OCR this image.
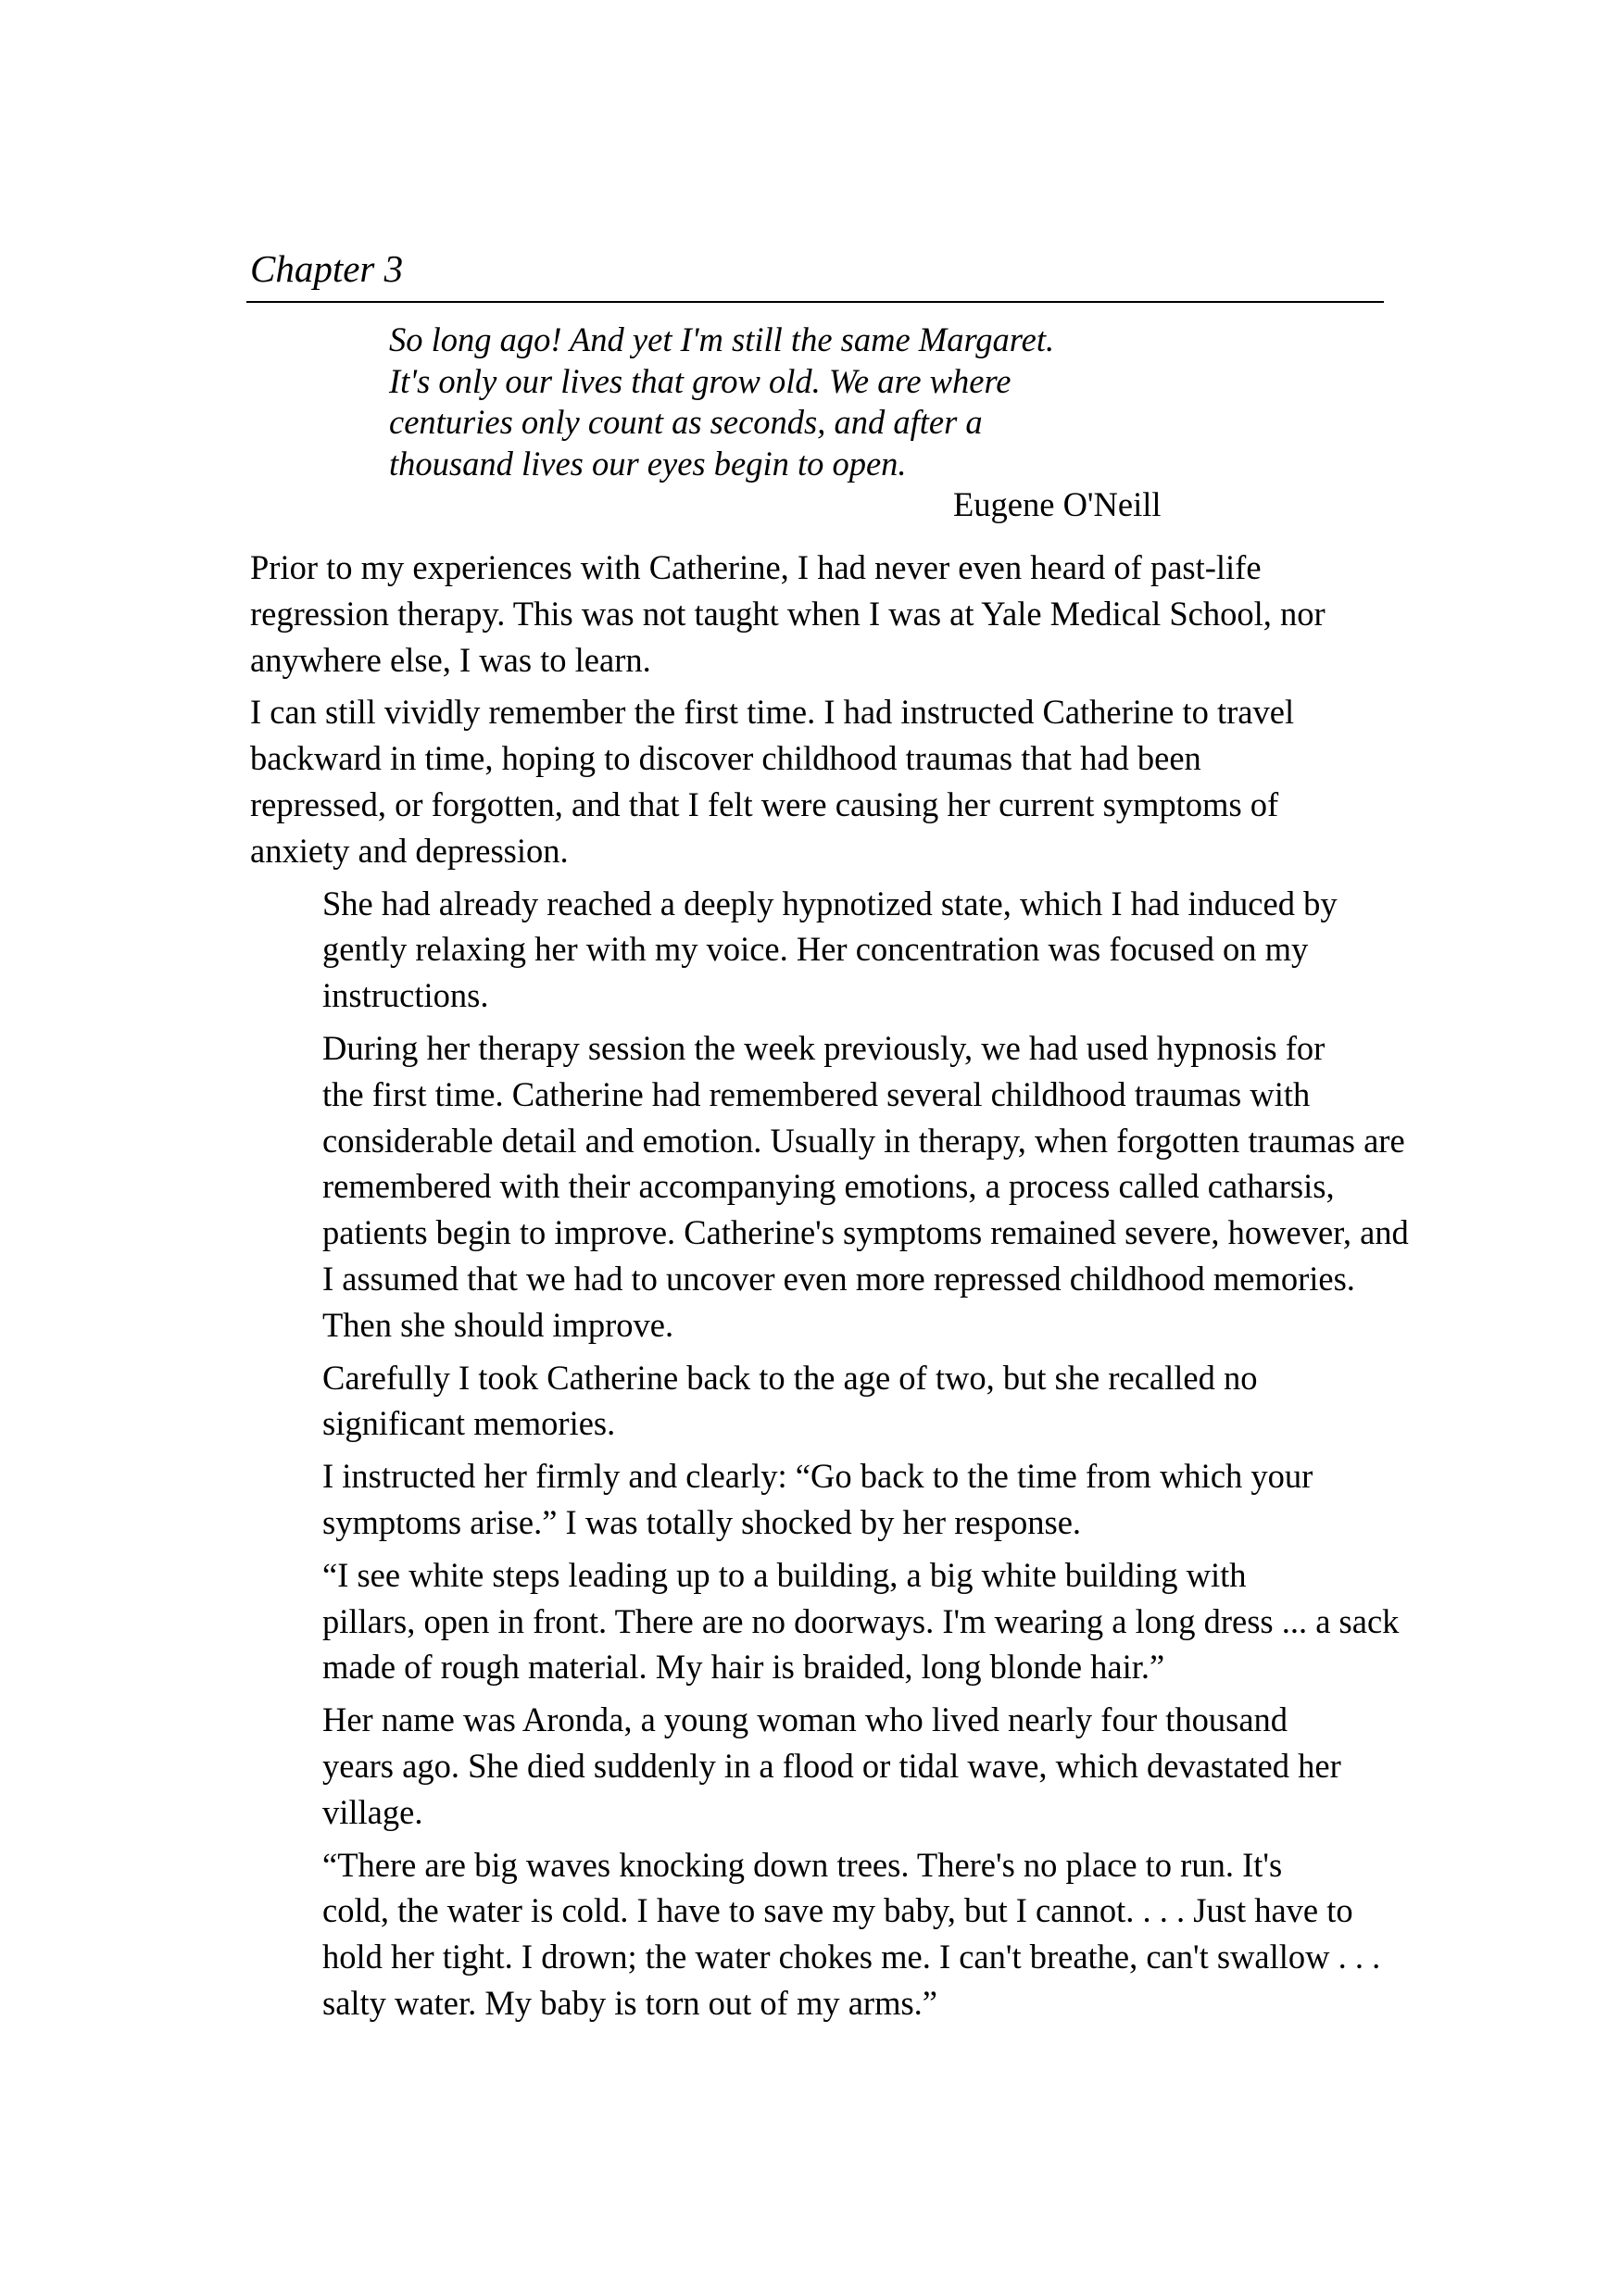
Chapter 3
So long ago! And yet I'm still the same Margaret.
It's only our lives that grow old. We are where
centuries only count as seconds, and after a
thousand lives our eyes begin to open.
Eugene O'Neill

Prior to my experiences with Catherine, I had never even heard of past-life
regression therapy. This was not taught when I was at Yale Medical School, nor
anywhere else, I was to learn.

I can still vividly remember the first time. I had instructed Catherine to travel
backward in time, hoping to discover childhood traumas that had been
repressed, or forgotten, and that I felt were causing her current symptoms of
anxiety and depression.

She had already reached a deeply hypnotized state, which I had induced by
gently relaxing her with my voice. Her concentration was focused on my
instructions.

During her therapy session the week previously, we had used hypnosis for
the first time. Catherine had remembered several childhood traumas with
considerable detail and emotion. Usually in therapy, when forgotten traumas are
remembered with their accompanying emotions, a process called catharsis,
patients begin to improve. Catherine's symptoms remained severe, however, and
I assumed that we had to uncover even more repressed childhood memories.
Then she should improve.

Carefully I took Catherine back to the age of two, but she recalled no
significant memories.

I instructed her firmly and clearly: “Go back to the time from which your
symptoms arise.” I was totally shocked by her response.

“I see white steps leading up to a building, a big white building with
pillars, open in front. There are no doorways. I'm wearing a long dress ... a sack
made of rough material. My hair is braided, long blonde hair.”

Her name was Aronda, a young woman who lived nearly four thousand
years ago. She died suddenly in a flood or tidal wave, which devastated her
village.

“There are big waves knocking down trees. There's no place to run. It's
cold, the water is cold. I have to save my baby, but I cannot. . . . Just have to
hold her tight. I drown; the water chokes me. I can't breathe, can't swallow . . .
salty water. My baby is torn out of my arms.”
